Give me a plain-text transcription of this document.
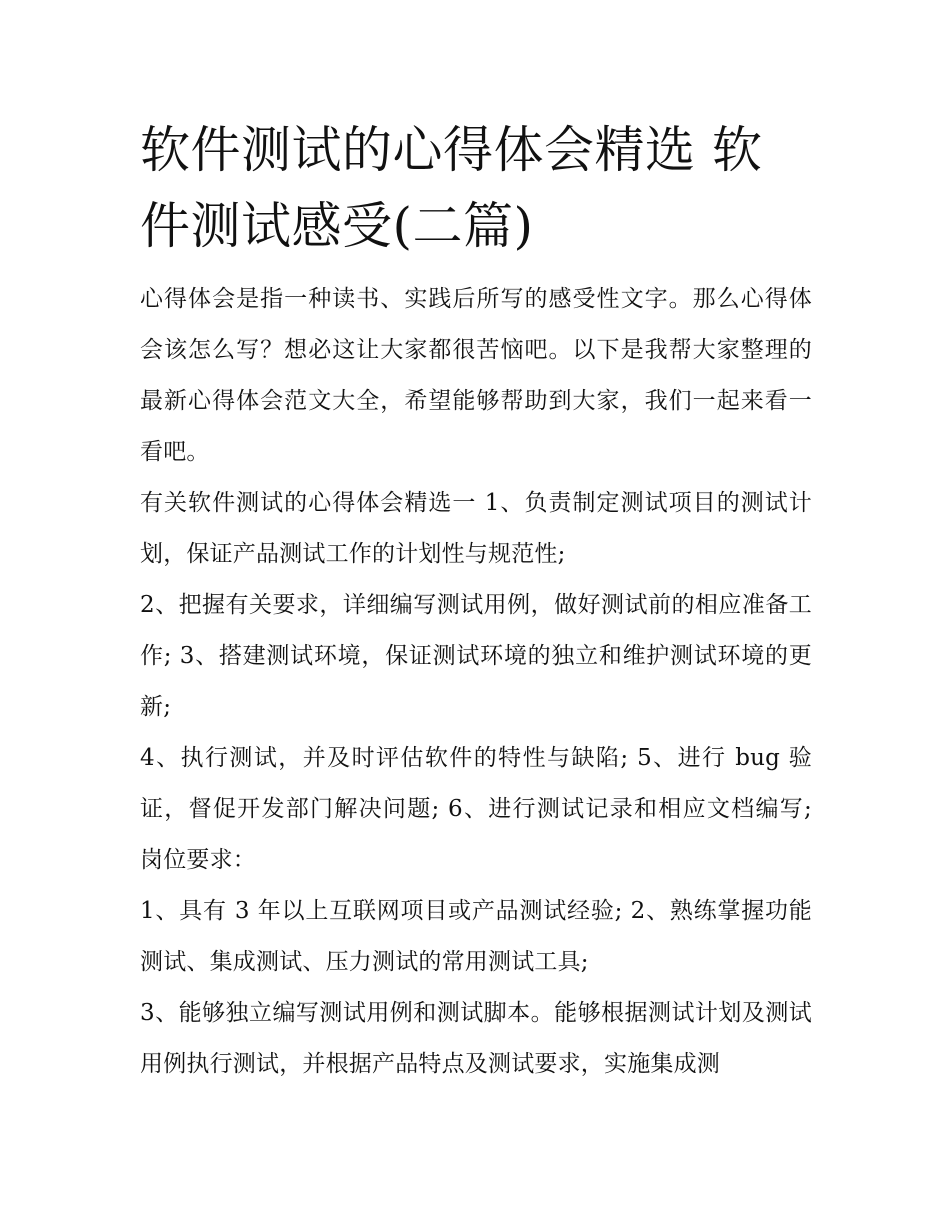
软件测试的心得体会精选 软件测试感受(二篇)

心得体会是指一种读书、实践后所写的感受性文字。那么心得体会该怎么写？想必这让大家都很苦恼吧。以下是我帮大家整理的最新心得体会范文大全，希望能够帮助到大家，我们一起来看一看吧。

有关软件测试的心得体会精选一 1、负责制定测试项目的测试计划，保证产品测试工作的计划性与规范性;

2、把握有关要求，详细编写测试用例，做好测试前的相应准备工作; 3、搭建测试环境，保证测试环境的独立和维护测试环境的更新;

4、执行测试，并及时评估软件的特性与缺陷; 5、进行 bug 验证，督促开发部门解决问题; 6、进行测试记录和相应文档编写; 岗位要求：

1、具有 3 年以上互联网项目或产品测试经验; 2、熟练掌握功能测试、集成测试、压力测试的常用测试工具;

3、能够独立编写测试用例和测试脚本。能够根据测试计划及测试用例执行测试，并根据产品特点及测试要求，实施集成测
